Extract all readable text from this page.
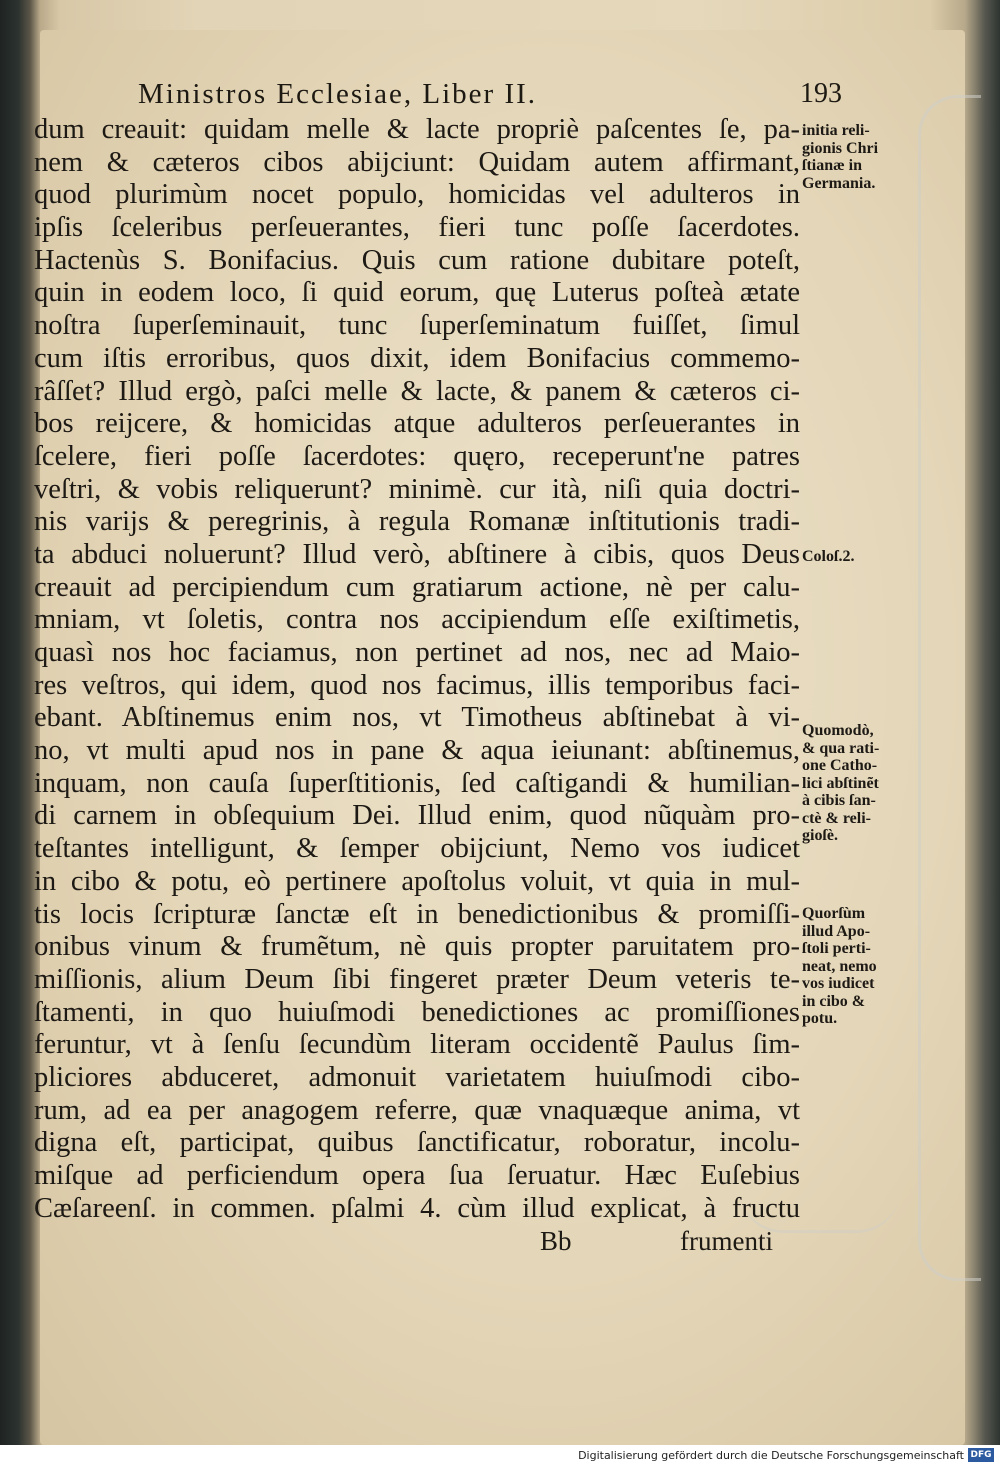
Ministros Ecclesiae, Liber II.	193
dum creauit: quidam melle & lacte propriè paſcentes ſe, pa-
nem & cæteros cibos abijciunt: Quidam autem affirmant,
quod plurimùm nocet populo, homicidas vel adulteros in
ipſis ſceleribus perſeuerantes, fieri tunc poſſe ſacerdotes.
Hactenùs S. Bonifacius. Quis cum ratione dubitare poteſt,
quin in eodem loco, ſi quid eorum, quę Luterus poſteà ætate
noſtra ſuperſeminauit, tunc ſuperſeminatum fuiſſet, ſimul
cum iſtis erroribus, quos dixit, idem Bonifacius commemo-
râſſet? Illud ergò, paſci melle & lacte, & panem & cæteros ci-
bos reijcere, & homicidas atque adulteros perſeuerantes in
ſcelere, fieri poſſe ſacerdotes: quęro, receperunt'ne patres
veſtri, & vobis reliquerunt? minimè. cur ità, niſi quia doctri-
nis varijs & peregrinis, à regula Romanæ inſtitutionis tradi-
ta abduci noluerunt? Illud verò, abſtinere à cibis, quos Deus
creauit ad percipiendum cum gratiarum actione, nè per calu-
mniam, vt ſoletis, contra nos accipiendum eſſe exiſtimetis,
quasì nos hoc faciamus, non pertinet ad nos, nec ad Maio-
res veſtros, qui idem, quod nos facimus, illis temporibus faci-
ebant. Abſtinemus enim nos, vt Timotheus abſtinebat à vi-
no, vt multi apud nos in pane & aqua ieiunant: abſtinemus,
inquam, non cauſa ſuperſtitionis, ſed caſtigandi & humilian-
di carnem in obſequium Dei. Illud enim, quod nũquàm pro-
teſtantes intelligunt, & ſemper obijciunt, Nemo vos iudicet
in cibo & potu, eò pertinere apoſtolus voluit, vt quia in mul-
tis locis ſcripturæ ſanctæ eſt in benedictionibus & promiſſi-
onibus vinum & frumẽtum, nè quis propter paruitatem pro-
miſſionis, alium Deum ſibi fingeret præter Deum veteris te-
ſtamenti, in quo huiuſmodi benedictiones ac promiſſiones
feruntur, vt à ſenſu ſecundùm literam occidentẽ Paulus ſim-
pliciores abduceret, admonuit varietatem huiuſmodi cibo-
rum, ad ea per anagogem referre, quæ vnaquæque anima, vt
digna eſt, participat, quibus ſanctificatur, roboratur, incolu-
miſque ad perficiendum opera ſua ſeruatur. Hæc Euſebius
Cæſareenſ. in commen. pſalmi 4. cùm illud explicat, à fructu
Bb	frumenti
initia reli-
gionis Chri
ſtianæ in
Germania.
Coloſ.2.
Quomodò,
& qua rati-
one Catho-
lici abſtinẽt
à cibis ſan-
ctè & reli-
gioſè.
Quorſùm
illud Apo-
ſtoli perti-
neat, nemo
vos iudicet
in cibo &
potu.
Digitalisierung gefördert durch die Deutsche Forschungsgemeinschaft DFG
